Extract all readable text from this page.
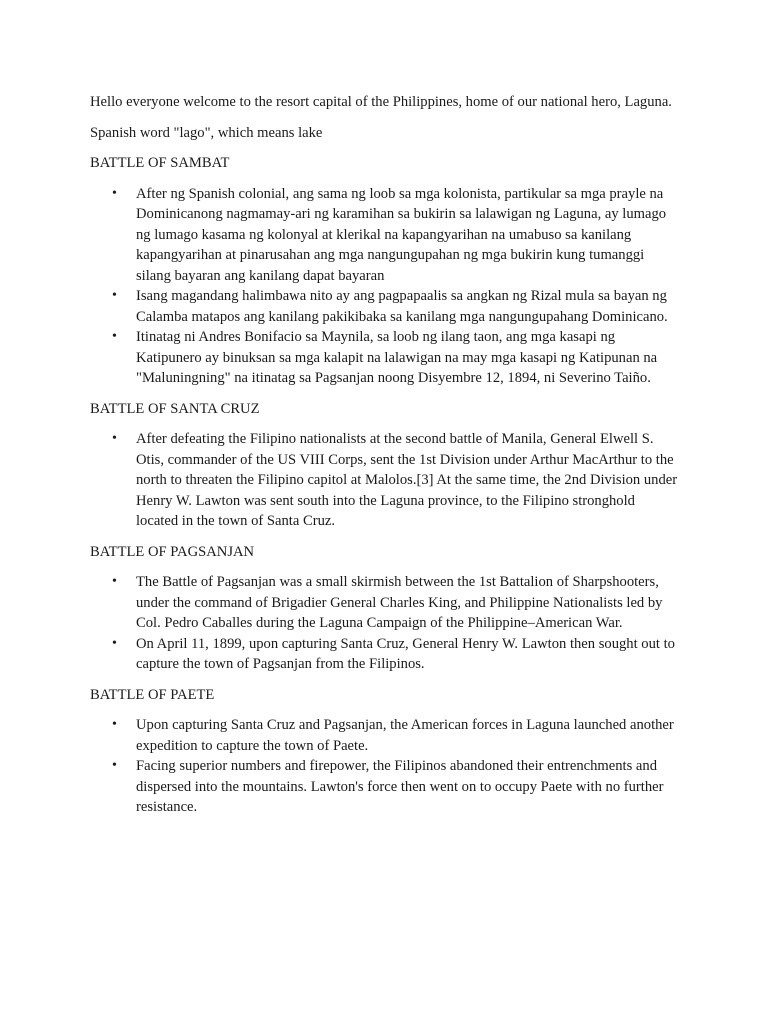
Hello everyone welcome to the resort capital of the Philippines, home of our national hero, Laguna.

Spanish word "lago", which means lake

BATTLE OF SAMBAT

• After ng Spanish colonial, ang sama ng loob sa mga kolonista, partikular sa mga prayle na Dominicanong nagmamay-ari ng karamihan sa bukirin sa lalawigan ng Laguna, ay lumago ng lumago kasama ng kolonyal at klerikal na kapangyarihan na umabuso sa kanilang kapangyarihan at pinarusahan ang mga nangungupahan ng mga bukirin kung tumanggi silang bayaran ang kanilang dapat bayaran
• Isang magandang halimbawa nito ay ang pagpapaalis sa angkan ng Rizal mula sa bayan ng Calamba matapos ang kanilang pakikibaka sa kanilang mga nangungupahang Dominicano.
• Itinatag ni Andres Bonifacio sa Maynila, sa loob ng ilang taon, ang mga kasapi ng Katipunero ay binuksan sa mga kalapit na lalawigan na may mga kasapi ng Katipunan na "Maluningning" na itinatag sa Pagsanjan noong Disyembre 12, 1894, ni Severino Taiño.

BATTLE OF SANTA CRUZ

• After defeating the Filipino nationalists at the second battle of Manila, General Elwell S. Otis, commander of the US VIII Corps, sent the 1st Division under Arthur MacArthur to the north to threaten the Filipino capitol at Malolos.[3] At the same time, the 2nd Division under Henry W. Lawton was sent south into the Laguna province, to the Filipino stronghold located in the town of Santa Cruz.

BATTLE OF PAGSANJAN

• The Battle of Pagsanjan was a small skirmish between the 1st Battalion of Sharpshooters, under the command of Brigadier General Charles King, and Philippine Nationalists led by Col. Pedro Caballes during the Laguna Campaign of the Philippine–American War.
• On April 11, 1899, upon capturing Santa Cruz, General Henry W. Lawton then sought out to capture the town of Pagsanjan from the Filipinos.

BATTLE OF PAETE

• Upon capturing Santa Cruz and Pagsanjan, the American forces in Laguna launched another expedition to capture the town of Paete.
• Facing superior numbers and firepower, the Filipinos abandoned their entrenchments and dispersed into the mountains. Lawton's force then went on to occupy Paete with no further resistance.
